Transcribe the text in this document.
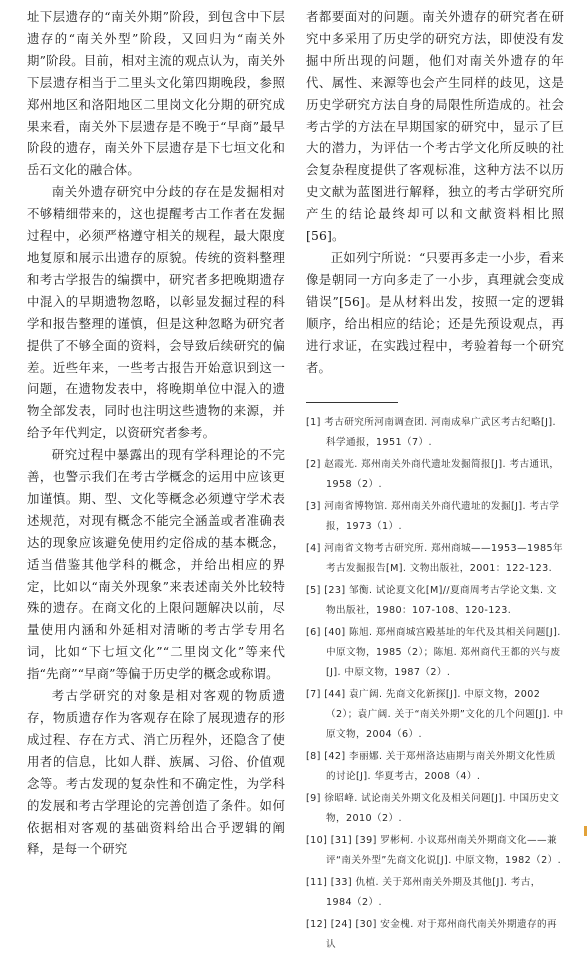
址下层遗存的“南关外期”阶段，到包含中下层遗存的“南关外型”阶段，又回归为“南关外期”阶段。目前，相对主流的观点认为，南关外下层遗存相当于二里头文化第四期晚段，参照郑州地区和洛阳地区二里岗文化分期的研究成果来看，南关外下层遗存是不晚于“早商”最早阶段的遗存，南关外下层遗存是下七垣文化和岳石文化的融合体。

南关外遗存研究中分歧的存在是发掘相对不够精细带来的，这也提醒考古工作者在发掘过程中，必须严格遵守相关的规程，最大限度地复原和展示出遗存的原貌。传统的资料整理和考古学报告的编撰中，研究者多把晚期遗存中混入的早期遗物忽略，以彰显发掘过程的科学和报告整理的谨慎，但是这种忽略为研究者提供了不够全面的资料，会导致后续研究的偏差。近些年来，一些考古报告开始意识到这一问题，在遗物发表中，将晚期单位中混入的遗物全部发表，同时也注明这些遗物的来源，并给予年代判定，以资研究者参考。

研究过程中暴露出的现有学科理论的不完善，也警示我们在考古学概念的运用中应该更加谨慎。期、型、文化等概念必须遵守学术表述规范，对现有概念不能完全涵盖或者准确表达的现象应该避免使用约定俗成的基本概念，适当借鉴其他学科的概念，并给出相应的界定，比如以“南关外现象”来表述南关外比较特殊的遗存。在商文化的上限问题解决以前，尽量使用内涵和外延相对清晰的考古学专用名词，比如“下七垣文化”“二里岗文化”等来代指“先商”“早商”等偏于历史学的概念或称谓。

考古学研究的对象是相对客观的物质遗存，物质遗存作为客观存在除了展现遗存的形成过程、存在方式、消亡历程外，还隐含了使用者的信息，比如人群、族属、习俗、价值观念等。考古发现的复杂性和不确定性，为学科的发展和考古学理论的完善创造了条件。如何依据相对客观的基础资料给出合乎逻辑的阐释，是每一个研究

者都要面对的问题。南关外遗存的研究者在研究中多采用了历史学的研究方法，即使没有发掘中所出现的问题，他们对南关外遗存的年代、属性、来源等也会产生同样的歧见，这是历史学研究方法自身的局限性所造成的。社会考古学的方法在早期国家的研究中，显示了巨大的潜力，为评估一个考古学文化所反映的社会复杂程度提供了客观标准，这种方法不以历史文献为蓝图进行解释，独立的考古学研究所产生的结论最终却可以和文献资料相比照[56]。

正如列宁所说：“只要再多走一小步，看来像是朝同一方向多走了一小步，真理就会变成错误”[56]。是从材料出发，按照一定的逻辑顺序，给出相应的结论；还是先预设观点，再进行求证，在实践过程中，考验着每一个研究者。

[1] 考古研究所河南调查团. 河南成皋广武区考古纪略[J]. 科学通报，1951（7）.
[2] 赵霞光. 郑州南关外商代遗址发掘简报[J]. 考古通讯，1958（2）.
[3] 河南省博物馆. 郑州南关外商代遗址的发掘[J]. 考古学报，1973（1）.
[4] 河南省文物考古研究所. 郑州商城——1953—1985年考古发掘报告[M]. 文物出版社，2001：122-123.
[5] [23] 邹衡. 试论夏文化[M]//夏商周考古学论文集. 文物出版社，1980：107-108、120-123.
[6] [40] 陈旭. 郑州商城宫殿基址的年代及其相关问题[J]. 中原文物，1985（2）；陈旭. 郑州商代王都的兴与废[J]. 中原文物，1987（2）.
[7] [44] 袁广阔. 先商文化新探[J]. 中原文物，2002（2）；袁广阔. 关于“南关外期”文化的几个问题[J]. 中原文物，2004（6）.
[8] [42] 李丽娜. 关于郑州洛达庙期与南关外期文化性质的讨论[J]. 华夏考古，2008（4）.
[9] 徐昭峰. 试论南关外期文化及相关问题[J]. 中国历史文物，2010（2）.
[10] [31] [39] 罗彬柯. 小议郑州南关外期商文化——兼评“南关外型”先商文化说[J]. 中原文物，1982（2）.
[11] [33] 仇植. 关于郑州南关外期及其他[J]. 考古，1984（2）.
[12] [24] [30] 安金槐. 对于郑州商代南关外期遗存的再认
